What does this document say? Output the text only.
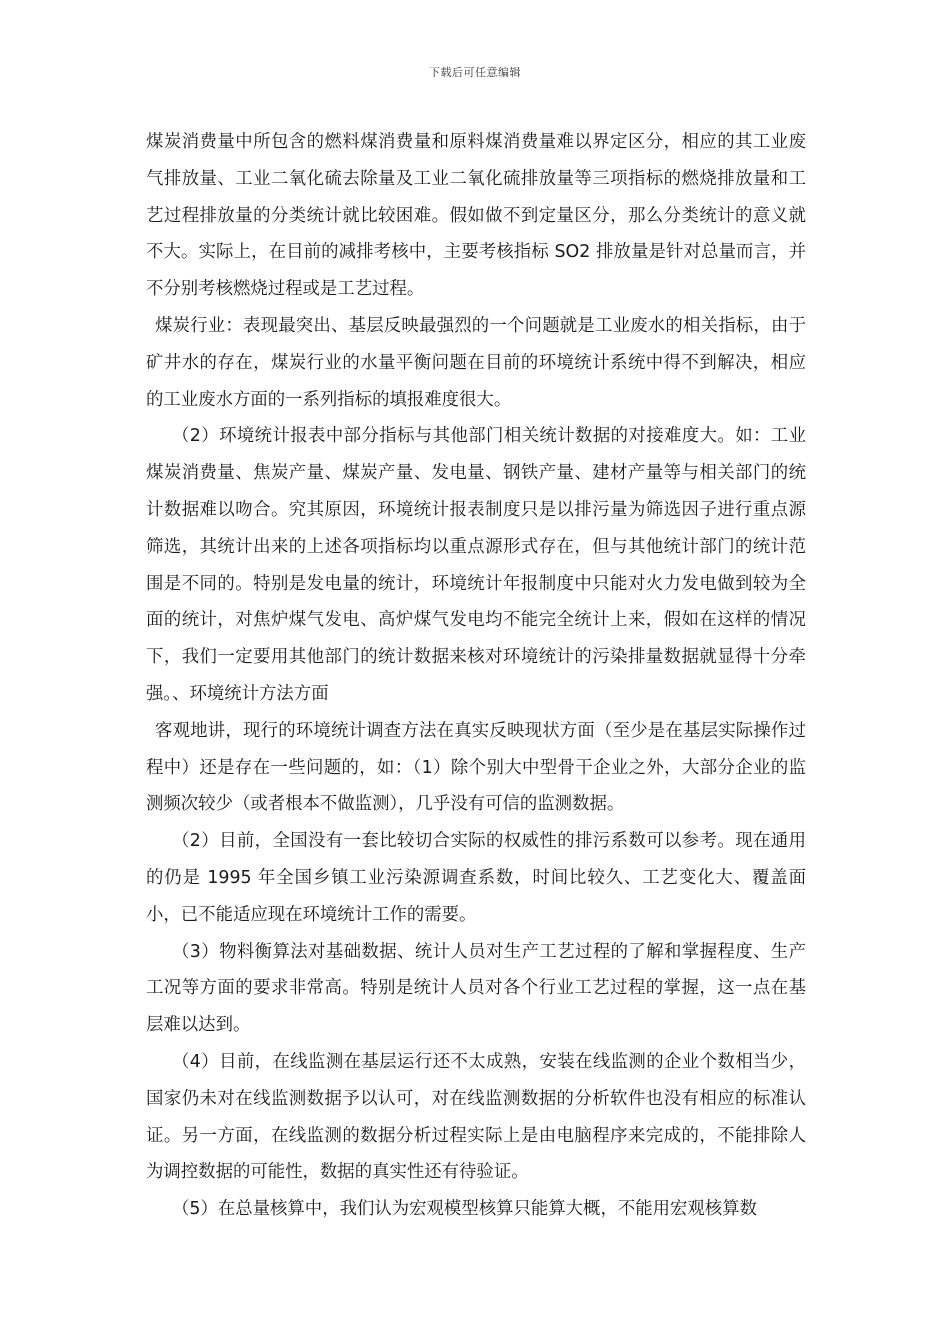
下载后可任意编辑

煤炭消费量中所包含的燃料煤消费量和原料煤消费量难以界定区分，相应的其工业废气排放量、工业二氧化硫去除量及工业二氧化硫排放量等三项指标的燃烧排放量和工艺过程排放量的分类统计就比较困难。假如做不到定量区分，那么分类统计的意义就不大。实际上，在目前的减排考核中，主要考核指标 SO2 排放量是针对总量而言，并不分别考核燃烧过程或是工艺过程。

煤炭行业：表现最突出、基层反映最强烈的一个问题就是工业废水的相关指标，由于矿井水的存在，煤炭行业的水量平衡问题在目前的环境统计系统中得不到解决，相应的工业废水方面的一系列指标的填报难度很大。

（2）环境统计报表中部分指标与其他部门相关统计数据的对接难度大。如：工业煤炭消费量、焦炭产量、煤炭产量、发电量、钢铁产量、建材产量等与相关部门的统计数据难以吻合。究其原因，环境统计报表制度只是以排污量为筛选因子进行重点源筛选，其统计出来的上述各项指标均以重点源形式存在，但与其他统计部门的统计范围是不同的。特别是发电量的统计，环境统计年报制度中只能对火力发电做到较为全面的统计，对焦炉煤气发电、高炉煤气发电均不能完全统计上来，假如在这样的情况下，我们一定要用其他部门的统计数据来核对环境统计的污染排量数据就显得十分牵强。、环境统计方法方面

客观地讲，现行的环境统计调查方法在真实反映现状方面（至少是在基层实际操作过程中）还是存在一些问题的，如：（1）除个别大中型骨干企业之外，大部分企业的监测频次较少（或者根本不做监测），几乎没有可信的监测数据。

（2）目前，全国没有一套比较切合实际的权威性的排污系数可以参考。现在通用的仍是 1995 年全国乡镇工业污染源调查系数，时间比较久、工艺变化大、覆盖面小，已不能适应现在环境统计工作的需要。

（3）物料衡算法对基础数据、统计人员对生产工艺过程的了解和掌握程度、生产工况等方面的要求非常高。特别是统计人员对各个行业工艺过程的掌握，这一点在基层难以达到。

（4）目前，在线监测在基层运行还不太成熟，安装在线监测的企业个数相当少，国家仍未对在线监测数据予以认可，对在线监测数据的分析软件也没有相应的标准认证。另一方面，在线监测的数据分析过程实际上是由电脑程序来完成的，不能排除人为调控数据的可能性，数据的真实性还有待验证。

（5）在总量核算中，我们认为宏观模型核算只能算大概，不能用宏观核算数
